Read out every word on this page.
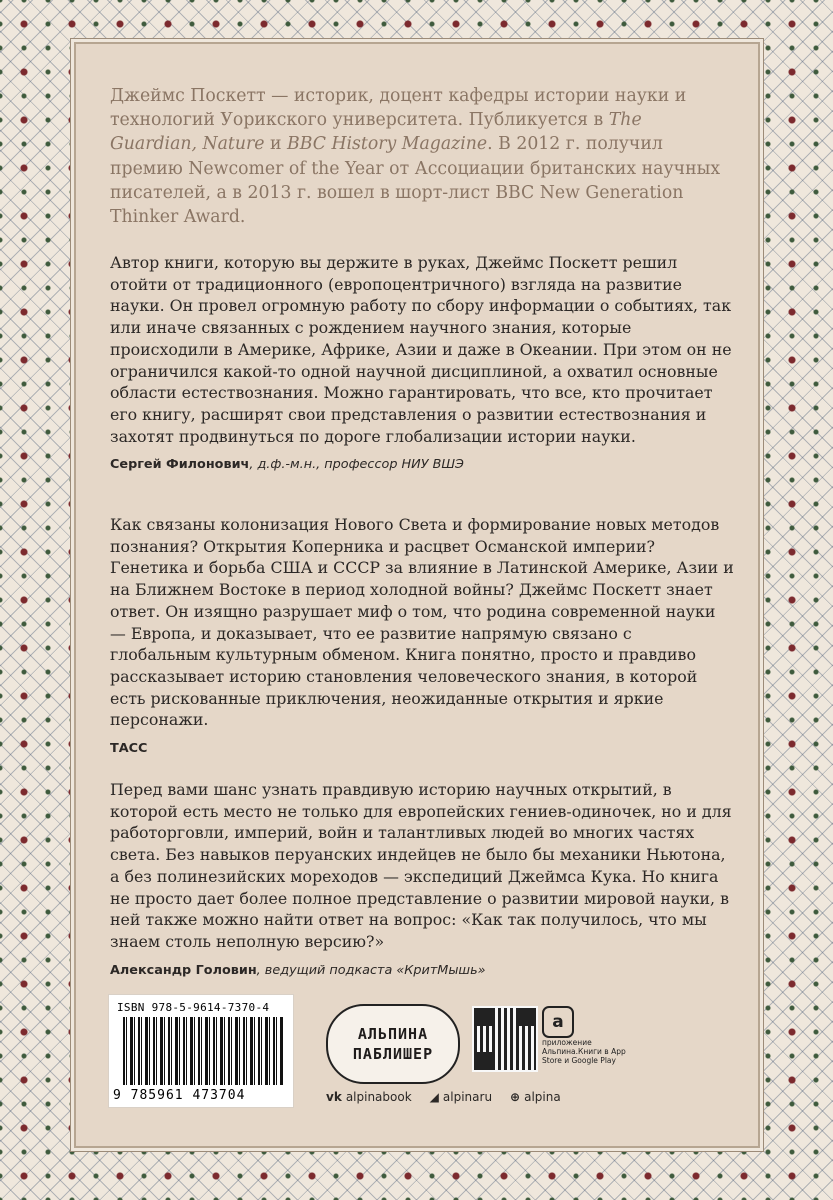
Джеймс Поскетт — историк, доцент кафедры истории науки и технологий Уорикского университета. Публикуется в The Guardian, Nature и BBC History Magazine. В 2012 г. получил премию Newcomer of the Year от Ассоциации британских научных писателей, а в 2013 г. вошел в шорт-лист BBC New Generation Thinker Award.

Автор книги, которую вы держите в руках, Джеймс Поскетт решил отойти от традиционного (европоцентричного) взгляда на развитие науки. Он провел огромную работу по сбору информации о событиях, так или иначе связанных с рождением научного знания, которые происходили в Америке, Африке, Азии и даже в Океании. При этом он не ограничился какой-то одной научной дисциплиной, а охватил основные области естествознания. Можно гарантировать, что все, кто прочитает его книгу, расширят свои представления о развитии естествознания и захотят продвинуться по дороге глобализации истории науки.

Сергей Филонович, д.ф.-м.н., профессор НИУ ВШЭ

Как связаны колонизация Нового Света и формирование новых методов познания? Открытия Коперника и расцвет Османской империи? Генетика и борьба США и СССР за влияние в Латинской Америке, Азии и на Ближнем Востоке в период холодной войны? Джеймс Поскетт знает ответ. Он изящно разрушает миф о том, что родина современной науки — Европа, и доказывает, что ее развитие напрямую связано с глобальным культурным обменом. Книга понятно, просто и правдиво рассказывает историю становления человеческого знания, в которой есть рискованные приключения, неожиданные открытия и яркие персонажи.

ТАСС

Перед вами шанс узнать правдивую историю научных открытий, в которой есть место не только для европейских гениев-одиночек, но и для работорговли, империй, войн и талантливых людей во многих частях света. Без навыков перуанских индейцев не было бы механики Ньютона, а без полинезийских мореходов — экспедиций Джеймса Кука. Но книга не просто дает более полное представление о развитии мировой науки, в ней также можно найти ответ на вопрос: «Как так получилось, что мы знаем столь неполную версию?»

Александр Головин, ведущий подкаста «КритМышь»

ISBN 978-5-9614-7370-4
9 785961 473704
АЛЬПИНА
ПАБЛИШЕР
a
приложение Альпина.Книги в App Store и Google Play
vk alpinabook ◢ alpinaru ⊕ alpina
